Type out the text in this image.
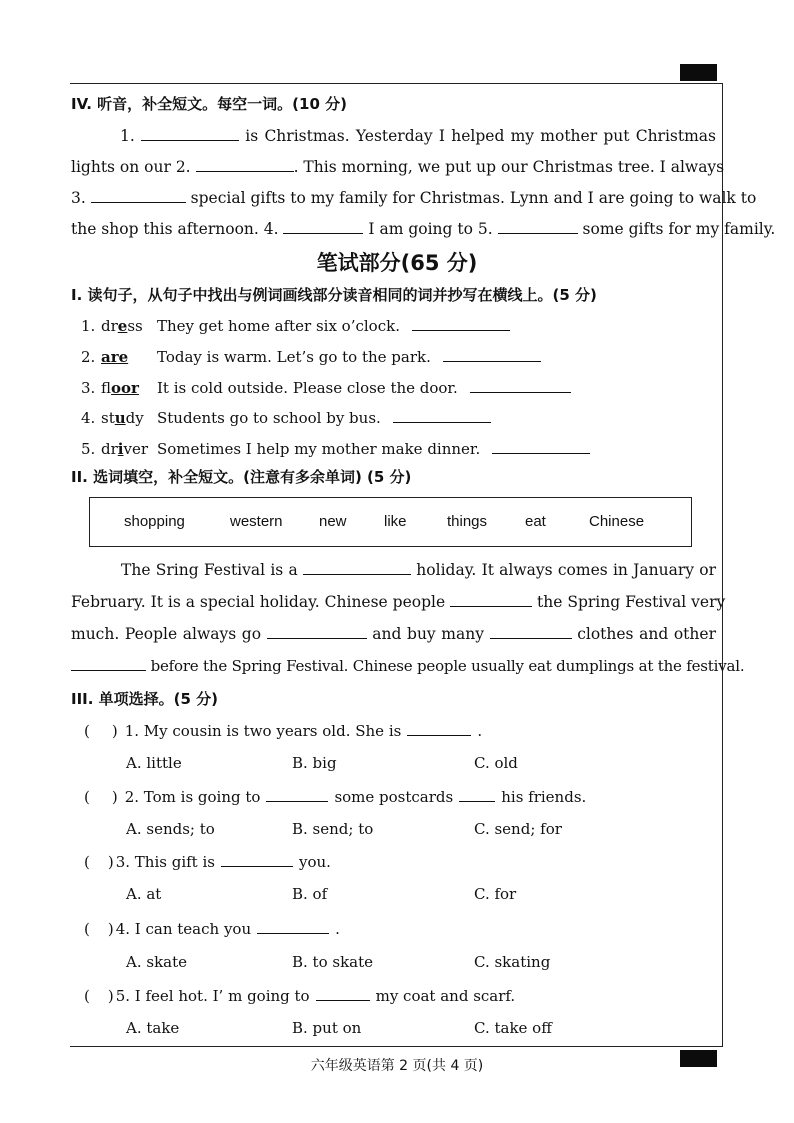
IV. 听音，补全短文。每空一词。(10 分)
1.	is Christmas. Yesterday I helped my mother put Christmas
lights on our 2.	. This morning, we put up our Christmas tree. I always
3.	special gifts to my family for Christmas. Lynn and I are going to walk to
the shop this afternoon. 4.	I am going to 5.	some gifts for my family.
笔试部分(65 分)
I. 读句子，从句子中找出与例词画线部分读音相同的词并抄写在横线上。(5 分)
1. dress They get home after six o’clock.
2. are Today is warm. Let’s go to the park.
3. floor It is cold outside. Please close the door.
4. study Students go to school by bus.
5. driver Sometimes I help my mother make dinner.
II. 选词填空，补全短文。(注意有多余单词) (5 分)
shopping	western new like	things	eat	Chinese
The Sring Festival is a	holiday. It always comes in January or
February. It is a special holiday. Chinese people	the Spring Festival very
much. People always go	and buy many	clothes and other
before the Spring Festival. Chinese people usually eat dumplings at the festival.
III. 单项选择。(5 分)
( ) 1. My cousin is two years old. She is	.
A. little	B. big	C. old
( ) 2. Tom is going to	some postcards	his friends.
A. sends; to	B. send; to	C. send; for
( ) 3. This gift is	you.
A. at	B. of	C. for
( ) 4. I can teach you	.
A. skate	B. to skate	C. skating
( ) 5. I feel hot. I’ m going to	my coat and scarf.
A. take	B. put on	C. take off
六年级英语第 2 页(共 4 页)
